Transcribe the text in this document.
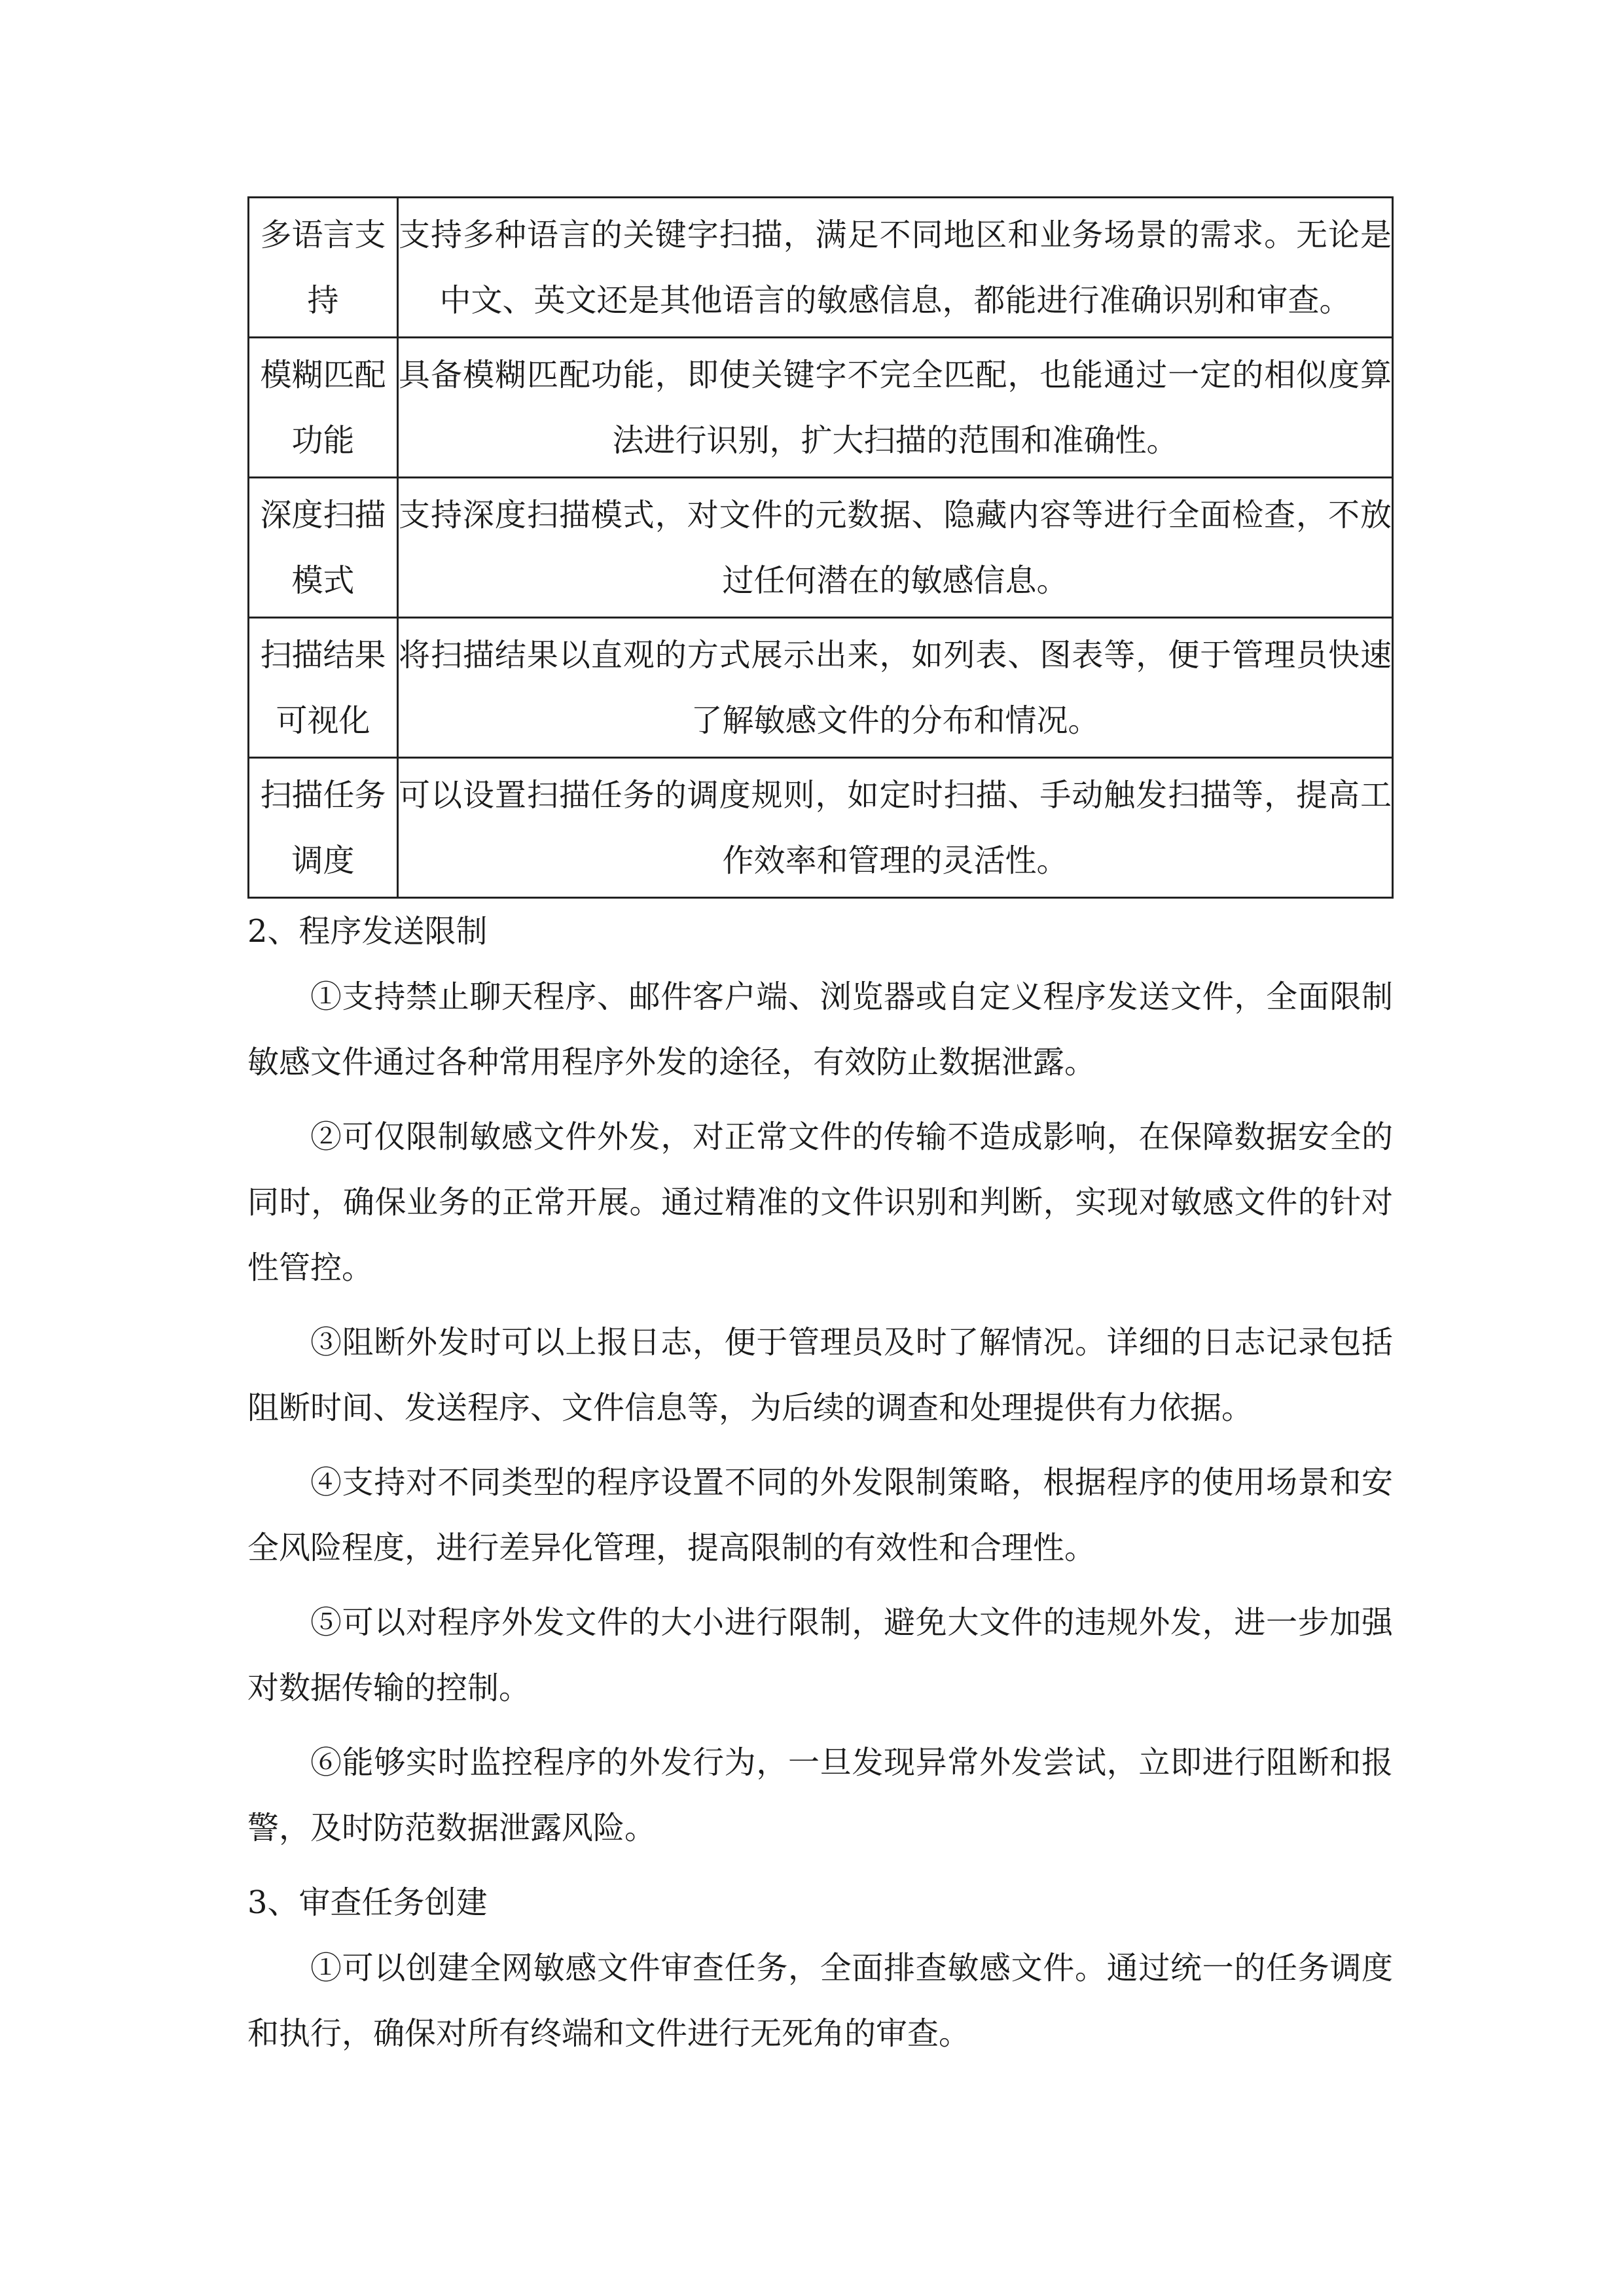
多语言支持	支持多种语言的关键字扫描，满足不同地区和业务场景的需求。无论是中文、英文还是其他语言的敏感信息，都能进行准确识别和审查。
模糊匹配功能	具备模糊匹配功能，即使关键字不完全匹配，也能通过一定的相似度算法进行识别，扩大扫描的范围和准确性。
深度扫描模式	支持深度扫描模式，对文件的元数据、隐藏内容等进行全面检查，不放过任何潜在的敏感信息。
扫描结果可视化	将扫描结果以直观的方式展示出来，如列表、图表等，便于管理员快速了解敏感文件的分布和情况。
扫描任务调度	可以设置扫描任务的调度规则，如定时扫描、手动触发扫描等，提高工作效率和管理的灵活性。

2、程序发送限制

①支持禁止聊天程序、邮件客户端、浏览器或自定义程序发送文件，全面限制敏感文件通过各种常用程序外发的途径，有效防止数据泄露。

②可仅限制敏感文件外发，对正常文件的传输不造成影响，在保障数据安全的同时，确保业务的正常开展。通过精准的文件识别和判断，实现对敏感文件的针对性管控。

③阻断外发时可以上报日志，便于管理员及时了解情况。详细的日志记录包括阻断时间、发送程序、文件信息等，为后续的调查和处理提供有力依据。

④支持对不同类型的程序设置不同的外发限制策略，根据程序的使用场景和安全风险程度，进行差异化管理，提高限制的有效性和合理性。

⑤可以对程序外发文件的大小进行限制，避免大文件的违规外发，进一步加强对数据传输的控制。

⑥能够实时监控程序的外发行为，一旦发现异常外发尝试，立即进行阻断和报警，及时防范数据泄露风险。

3、审查任务创建

①可以创建全网敏感文件审查任务，全面排查敏感文件。通过统一的任务调度和执行，确保对所有终端和文件进行无死角的审查。
